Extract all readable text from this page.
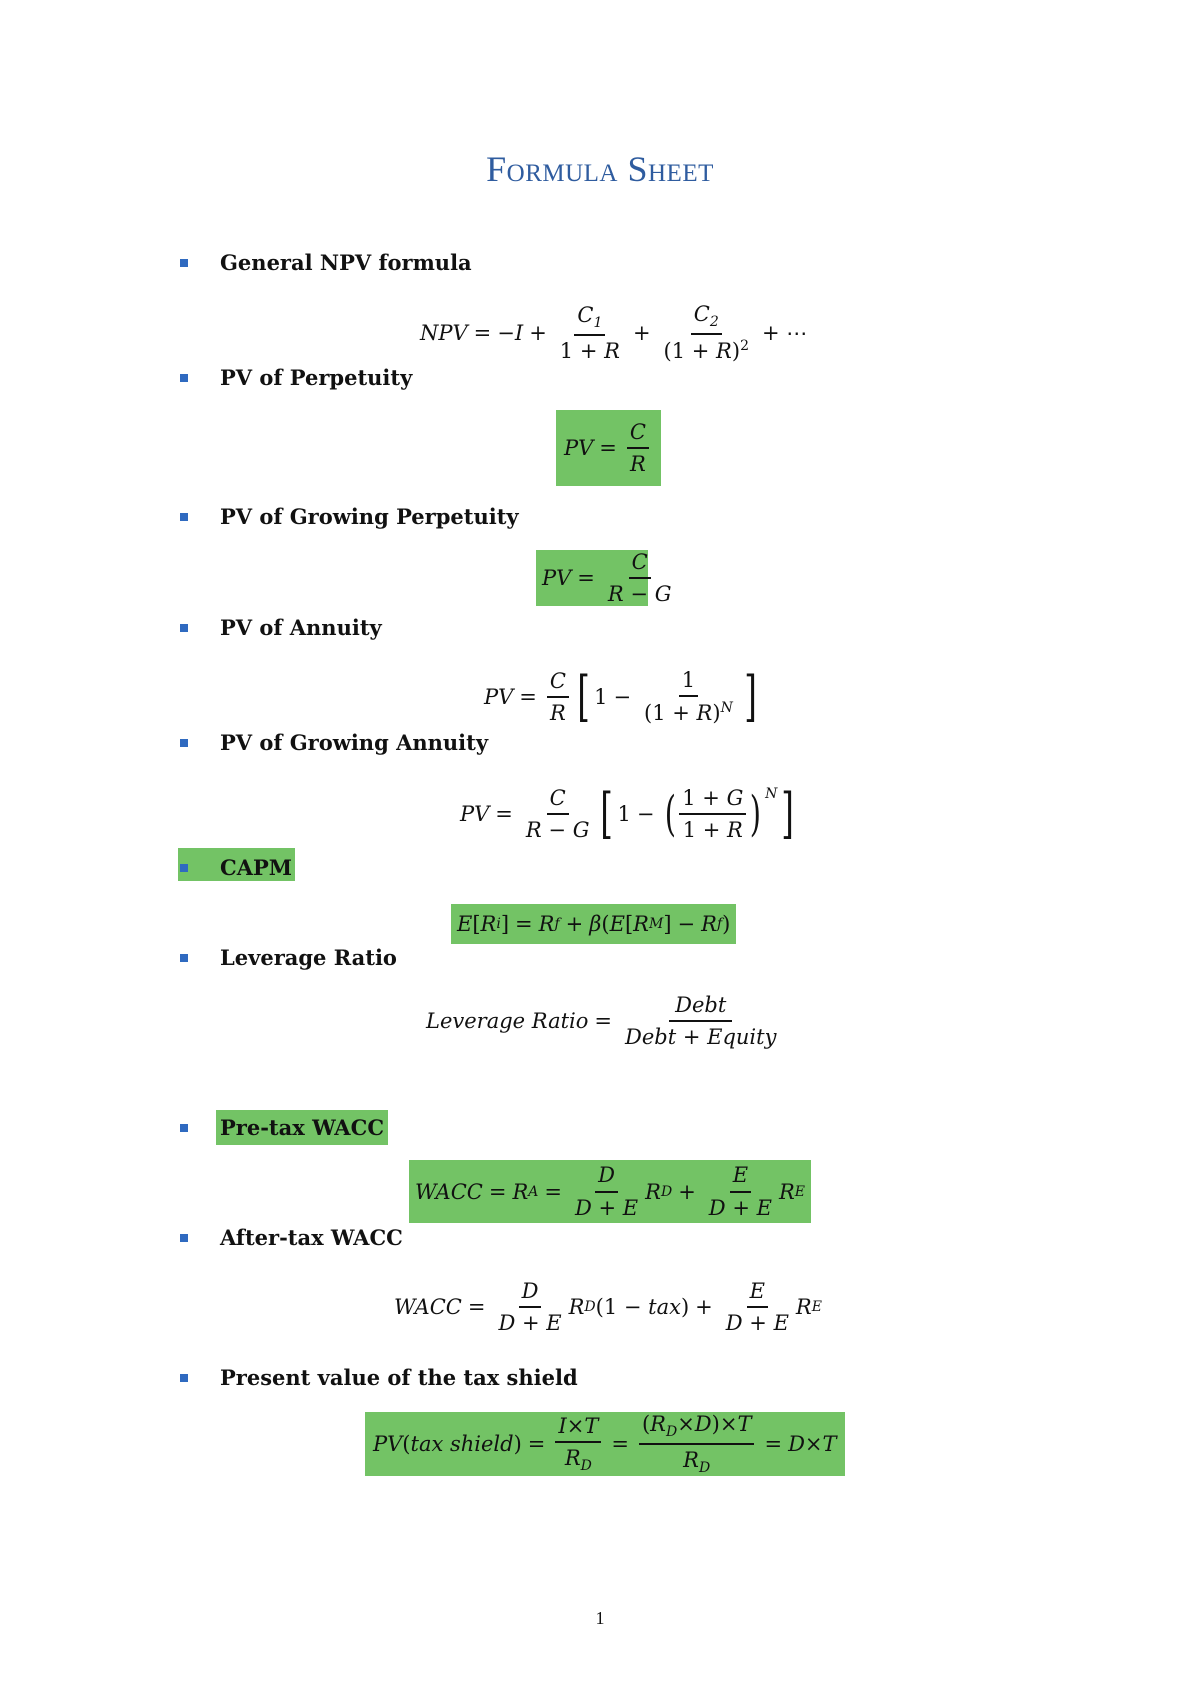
Formula Sheet
General NPV formula
NPV = − $I + \frac{C_1}{1 + R} + \frac{C_2}{(1 + R)^2}$ + ⋯
PV of Perpetuity
PV = $\frac{C}{R}$
PV of Growing Perpetuity
PV = $\frac{C}{R - G}$
PV of Annuity
PV = $\frac{C}{R}$ [ $1 - \frac{1}{(1 + R)^N}$ ]
PV of Growing Annuity
PV = $\frac{C}{R - G}$ [ 1 − ( $\frac{1 + G}{1 + R}$ ) $^N$ ]
CAPM
E [ R i ] = R f + β ( E [ R M ] − R f )
Leverage Ratio
Leverage Ratio = $\frac{\text{Debt}}{\text{Debt + Equity}}$
Pre-tax WACC
WACC = R $A = \frac{D}{D + E}$ R $D + \frac{E}{D + E}$ R E
After-tax WACC
WACC = $\frac{D}{D + E}$ R D (1 − tax ) + $\frac{E}{D + E}$ R E
Present value of the tax shield
PV ( tax shield ) = $\frac{I\times T}{R_D} = \frac{(R_D\times D)\times T}{R_D} = D \times T$
1
